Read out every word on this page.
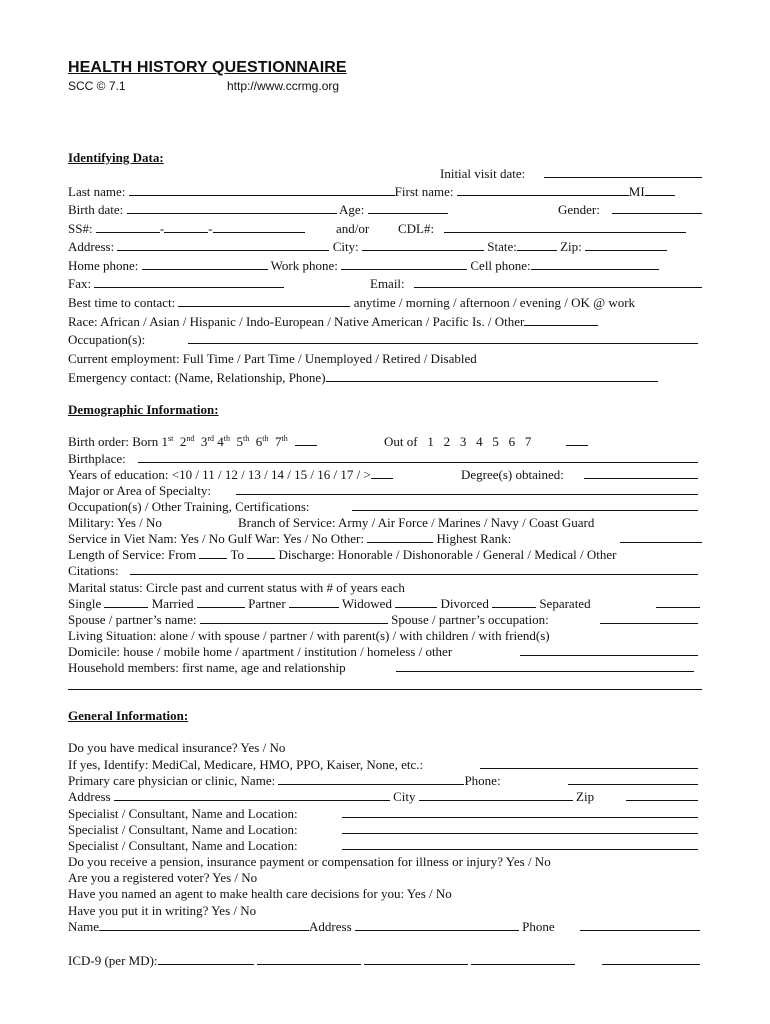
HEALTH HISTORY QUESTIONNAIRE
SCC © 7.1	http://www.ccrmg.org
Identifying Data:
Initial visit date:
Last name:	First name:	MI
Birth date:	Age:	Gender:
SS#:	-	-	and/or CDL#:
Address:	City:	State:	Zip:
Home phone:	Work phone:	Cell phone:
Fax:	Email:
Best time to contact:	anytime / morning / afternoon / evening / OK @ work
Race: African / Asian / Hispanic / Indo-European / Native American / Pacific Is. / Other
Occupation(s):
Current employment: Full Time / Part Time / Unemployed / Retired / Disabled
Emergency contact: (Name, Relationship, Phone)
Demographic Information:
Birth order: Born 1st 2nd 3rd 4th 5th 6th 7th	Out of   1   2   3   4   5   6   7
Birthplace:
Years of education: <10 / 11 / 12 / 13 / 14 / 15 / 16 / 17 / >	Degree(s) obtained:
Major or Area of Specialty:
Occupation(s) / Other Training, Certifications:
Military: Yes / No	Branch of Service: Army / Air Force / Marines / Navy / Coast Guard
Service in Viet Nam: Yes / No Gulf War: Yes / No Other:	Highest Rank:
Length of Service: From	To	Discharge: Honorable / Dishonorable / General / Medical / Other
Citations:
Marital status: Circle past and current status with # of years each
Single	Married	Partner	Widowed	Divorced	Separated
Spouse / partner’s name:	Spouse / partner’s occupation:
Living Situation: alone / with spouse / partner / with parent(s) / with children / with friend(s)
Domicile: house / mobile home / apartment / institution / homeless / other
Household members: first name, age and relationship
General Information:
Do you have medical insurance? Yes / No
If yes, Identify: MediCal, Medicare, HMO, PPO, Kaiser, None, etc.:
Primary care physician or clinic, Name:	Phone:
Address	City	Zip
Specialist / Consultant, Name and Location:
Specialist / Consultant, Name and Location:
Specialist / Consultant, Name and Location:
Do you receive a pension, insurance payment or compensation for illness or injury? Yes / No
Are you a registered voter? Yes / No
Have you named an agent to make health care decisions for you: Yes / No
Have you put it in writing? Yes / No
Name	Address	Phone
ICD-9 (per MD):
